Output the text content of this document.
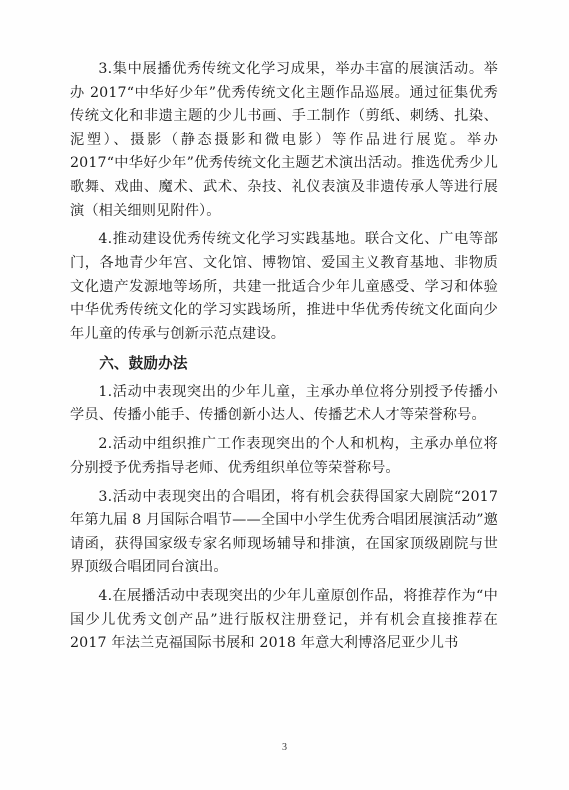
3.集中展播优秀传统文化学习成果，举办丰富的展演活动。举办 2017“中华好少年”优秀传统文化主题作品巡展。通过征集优秀传统文化和非遗主题的少儿书画、手工制作（剪纸、刺绣、扎染、泥塑）、摄影（静态摄影和微电影）等作品进行展览。举办 2017“中华好少年”优秀传统文化主题艺术演出活动。推选优秀少儿歌舞、戏曲、魔术、武术、杂技、礼仪表演及非遗传承人等进行展演（相关细则见附件）。

4.推动建设优秀传统文化学习实践基地。联合文化、广电等部门，各地青少年宫、文化馆、博物馆、爱国主义教育基地、非物质文化遗产发源地等场所，共建一批适合少年儿童感受、学习和体验中华优秀传统文化的学习实践场所，推进中华优秀传统文化面向少年儿童的传承与创新示范点建设。

六、鼓励办法

1.活动中表现突出的少年儿童，主承办单位将分别授予传播小学员、传播小能手、传播创新小达人、传播艺术人才等荣誉称号。

2.活动中组织推广工作表现突出的个人和机构，主承办单位将分别授予优秀指导老师、优秀组织单位等荣誉称号。

3.活动中表现突出的合唱团，将有机会获得国家大剧院“2017 年第九届 8 月国际合唱节——全国中小学生优秀合唱团展演活动”邀请函，获得国家级专家名师现场辅导和排演，在国家顶级剧院与世界顶级合唱团同台演出。

4.在展播活动中表现突出的少年儿童原创作品，将推荐作为“中国少儿优秀文创产品”进行版权注册登记，并有机会直接推荐在 2017 年法兰克福国际书展和 2018 年意大利博洛尼亚少儿书

3
